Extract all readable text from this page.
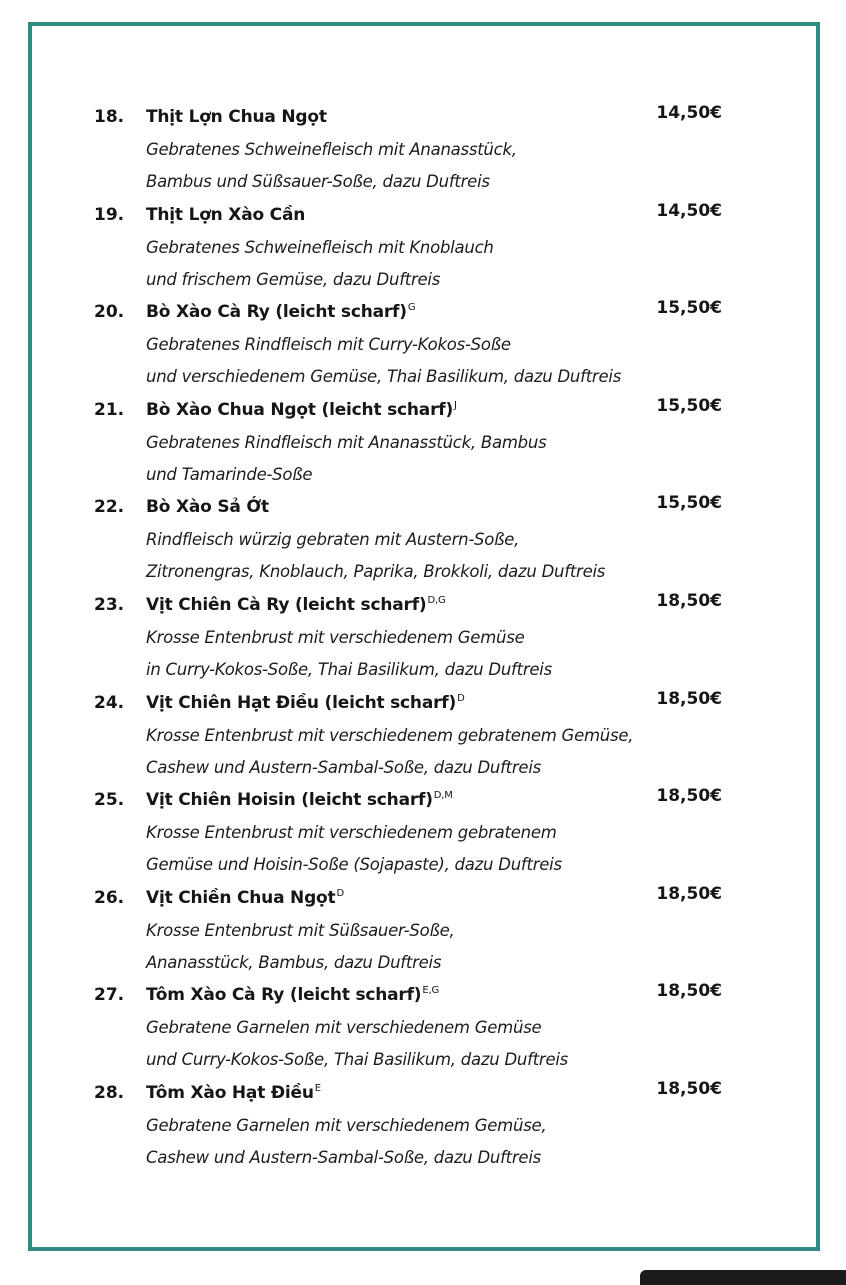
18. Thịt Lợn Chua Ngọt	14,50€
Gebratenes Schweinefleisch mit Ananasstück,
Bambus und Süßsauer-Soße, dazu Duftreis
19. Thịt Lợn Xào Cần	14,50€
Gebratenes Schweinefleisch mit Knoblauch
und frischem Gemüse, dazu Duftreis
20. Bò Xào Cà Ry (leicht scharf)$^G$	15,50€
Gebratenes Rindfleisch mit Curry-Kokos-Soße
und verschiedenem Gemüse, Thai Basilikum, dazu Duftreis
21. Bò Xào Chua Ngọt (leicht scharf)$^J$	15,50€
Gebratenes Rindfleisch mit Ananasstück, Bambus
und Tamarinde-Soße
22. Bò Xào Sả Ớt	15,50€
Rindfleisch würzig gebraten mit Austern-Soße,
Zitronengras, Knoblauch, Paprika, Brokkoli, dazu Duftreis
23. Vịt Chiên Cà Ry (leicht scharf)$^{D,G}$	18,50€
Krosse Entenbrust mit verschiedenem Gemüse
in Curry-Kokos-Soße, Thai Basilikum, dazu Duftreis
24. Vịt Chiên Hạt Điều (leicht scharf)$^D$	18,50€
Krosse Entenbrust mit verschiedenem gebratenem Gemüse,
Cashew und Austern-Sambal-Soße, dazu Duftreis
25. Vịt Chiên Hoisin (leicht scharf)$^{D,M}$	18,50€
Krosse Entenbrust mit verschiedenem gebratenem
Gemüse und Hoisin-Soße (Sojapaste), dazu Duftreis
26. Vịt Chiền Chua Ngọt$^D$	18,50€
Krosse Entenbrust mit Süßsauer-Soße,
Ananasstück, Bambus, dazu Duftreis
27. Tôm Xào Cà Ry (leicht scharf)$^{E,G}$	18,50€
Gebratene Garnelen mit verschiedenem Gemüse
und Curry-Kokos-Soße, Thai Basilikum, dazu Duftreis
28. Tôm Xào Hạt Điều$^E$	18,50€
Gebratene Garnelen mit verschiedenem Gemüse,
Cashew und Austern-Sambal-Soße, dazu Duftreis
